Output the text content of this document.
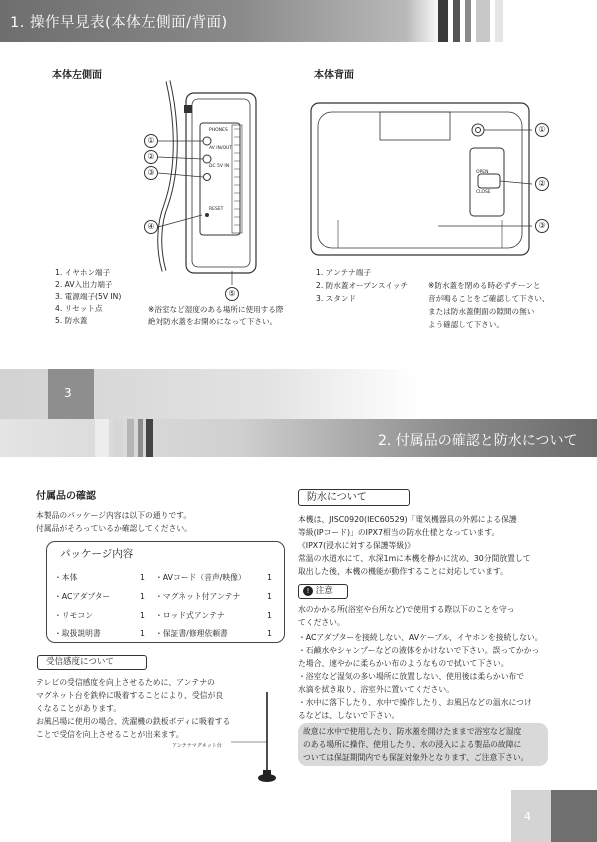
1. 操作早見表(本体左側面/背面)
本体左側面
PHONES
AV IN/OUT
DC 5V IN
RESET
①
②
③
④
⑤
1. イヤホン端子
2. AV入出力端子
3. 電源端子(5V IN)
4. リセット点
5. 防水蓋
※浴室など湿度のある場所に使用する際
絶対防水蓋をお開めになって下さい。
本体背面
OPEN
CLOSE
①
②
③
1. アンテナ端子
2. 防水蓋オープンスイッチ
3. スタンド
※防水蓋を閉める時必ずチーンと
音が鳴ることをご確認して下さい、
または防水蓋側面の隙間の無い
よう確認して下さい。
3
2. 付属品の確認と防水について
付属品の確認
本製品のパッケージ内容は以下の通りです。
付属品がそろっているか確認してください。
パッケージ内容
・本体	1 ・AVコード（音声/映像）	1
・ACアダプター	1 ・マグネット付アンテナ	1
・リモコン	1 ・ロッド式アンテナ	1
・取扱説明書	1 ・保証書/修理依頼書	1
受信感度について
テレビの受信感度を向上させるために、アンテナの
マグネット台を鉄枠に吸着することにより、受信が良
くなることがあります。
お風呂場に使用の場合、洗濯機の鉄板ボディに吸着する
ことで受信を向上させることが出来ます。
アンテナマグネット台
防水について
本機は、JISC0920(IEC60529)「電気機器具の外郭による保護
等級(IPコード)」のIPX7相当の防水仕様となっています。
《IPX7(浸水に対する保護等級)》
常温の水道水にて、水深1mに本機を静かに沈め、30分間放置して
取出した後、本機の機能が動作することに対応しています。
! 注意
水のかかる所(浴室や台所など)で使用する際以下のことを守っ
てください。
・ACアダプターを接続しない、AVケーブル、イヤホンを接続しない。
・石鹸水やシャンプーなどの液体をかけないで下さい。誤ってかかっ
た場合、速やかに柔らかい布のようなもので拭いて下さい。
・浴室など湿気の多い場所に放置しない、使用後は柔らかい布で
水滴を拭き取り、浴室外に置いてください。
・水中に落下したり、水中で操作したり、お風呂などの温水につけ
るなどは、しないで下さい。
故意に水中で使用したり、防水蓋を開けたままで浴室など湿度
のある場所に操作、使用したり、水の浸入による製品の故障に
ついては保証期間内でも保証対象外となります、ご注意下さい。
4
